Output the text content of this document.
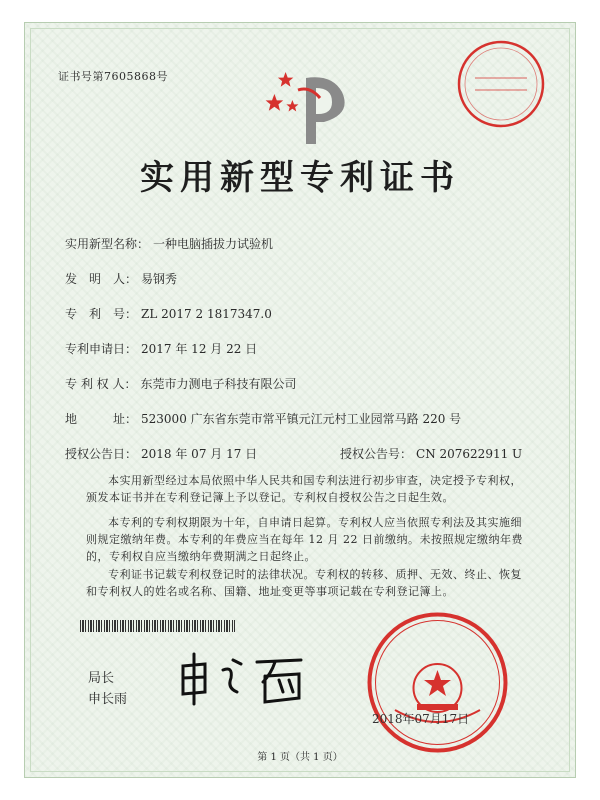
证书号第7605868号
实用新型专利证书
实用新型名称： 一种电脑插拔力试验机
发　明　人： 易钢秀
专　利　号： ZL 2017 2 1817347.0
专利申请日： 2017 年 12 月 22 日
专 利 权 人： 东莞市力测电子科技有限公司
地　　　址： 523000 广东省东莞市常平镇元江元村工业园常马路 220 号
授权公告日： 2018 年 07 月 17 日	授权公告号： CN 207622911 U
本实用新型经过本局依照中华人民共和国专利法进行初步审查，决定授予专利权，颁发本证书并在专利登记簿上予以登记。专利权自授权公告之日起生效。
本专利的专利权期限为十年，自申请日起算。专利权人应当依照专利法及其实施细则规定缴纳年费。本专利的年费应当在每年 12 月 22 日前缴纳。未按照规定缴纳年费的，专利权自应当缴纳年费期满之日起终止。
专利证书记载专利权登记时的法律状况。专利权的转移、质押、无效、终止、恢复和专利权人的姓名或名称、国籍、地址变更等事项记载在专利登记簿上。
局长
申长雨
2018年07月17日
第 1 页（共 1 页）
